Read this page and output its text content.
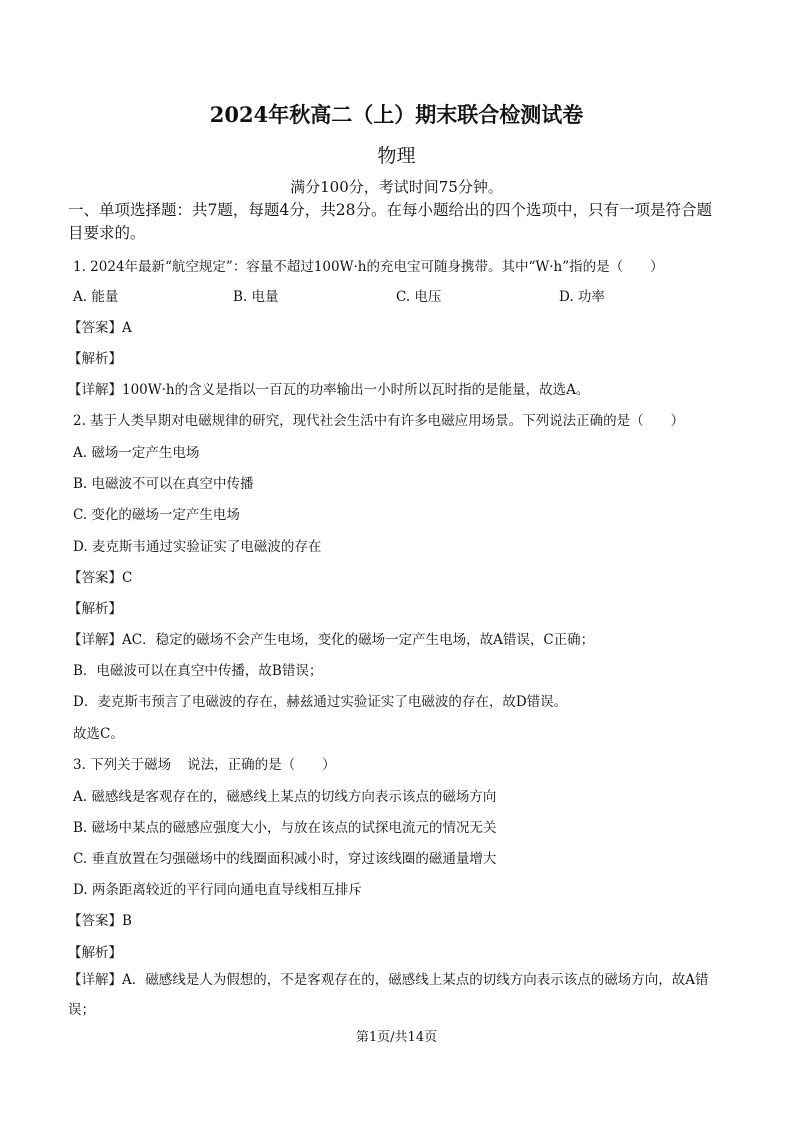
2024年秋高二（上）期末联合检测试卷
物理
满分100分，考试时间75分钟。
一、单项选择题：共7题，每题4分，共28分。在每小题给出的四个选项中，只有一项是符合题目要求的。
1. 2024年最新“航空规定”：容量不超过100W·h的充电宝可随身携带。其中“W·h”指的是（　　）
A. 能量	B. 电量	C. 电压	D. 功率
【答案】A
【解析】
【详解】100W·h的含义是指以一百瓦的功率输出一小时所以瓦时指的是能量，故选A。
2. 基于人类早期对电磁规律的研究，现代社会生活中有许多电磁应用场景。下列说法正确的是（　　）
A. 磁场一定产生电场
B. 电磁波不可以在真空中传播
C. 变化的磁场一定产生电场
D. 麦克斯韦通过实验证实了电磁波的存在
【答案】C
【解析】
【详解】AC．稳定的磁场不会产生电场，变化的磁场一定产生电场，故A错误，C正确；
B．电磁波可以在真空中传播，故B错误；
D．麦克斯韦预言了电磁波的存在，赫兹通过实验证实了电磁波的存在，故D错误。
故选C。
3. 下列关于磁场 说法，正确的是（　　）
A. 磁感线是客观存在的，磁感线上某点的切线方向表示该点的磁场方向
B. 磁场中某点的磁感应强度大小，与放在该点的试探电流元的情况无关
C. 垂直放置在匀强磁场中的线圈面积减小时，穿过该线圈的磁通量增大
D. 两条距离较近的平行同向通电直导线相互排斥
【答案】B
【解析】
【详解】A．磁感线是人为假想的，不是客观存在的，磁感线上某点的切线方向表示该点的磁场方向，故A错误；
第1页/共14页
